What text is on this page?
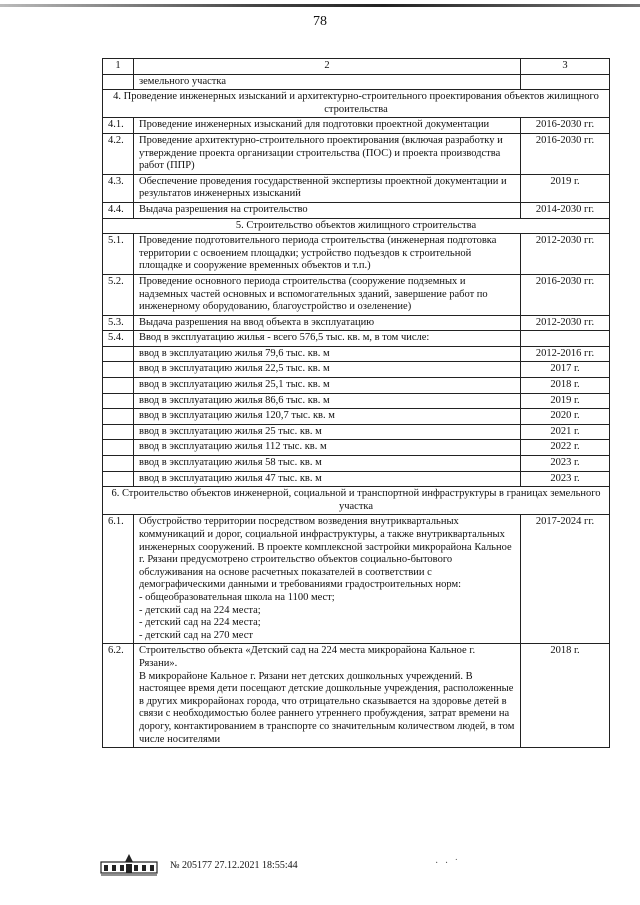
78
1	2	3
	земельного участка	
4. Проведение инженерных изысканий и архитектурно-строительного проектирования объектов жилищного строительства		
4.1.	Проведение инженерных изысканий для подготовки проектной документации	2016-2030 гг.
4.2.	Проведение архитектурно-строительного проектирования (включая разработку и утверждение проекта организации строительства (ПОС) и проекта производства работ (ППР)	2016-2030 гг.
4.3.	Обеспечение проведения государственной экспертизы проектной документации и результатов инженерных изысканий	2019 г.
4.4.	Выдача разрешения на строительство	2014-2030 гг.
5. Строительство объектов жилищного строительства		
5.1.	Проведение подготовительного периода строительства (инженерная подготовка территории с освоением площадки; устройство подъездов к строительной площадке и сооружение временных объектов и т.п.)	2012-2030 гг.
5.2.	Проведение основного периода строительства (сооружение подземных и надземных частей основных и вспомогательных зданий, завершение работ по инженерному оборудованию, благоустройство и озеленение)	2016-2030 гг.
5.3.	Выдача разрешения на ввод объекта в эксплуатацию	2012-2030 гг.
5.4.	Ввод в эксплуатацию жилья - всего 576,5 тыс. кв. м, в том числе:	
	ввод в эксплуатацию жилья 79,6 тыс. кв. м	2012-2016 гг.
	ввод в эксплуатацию жилья 22,5 тыс. кв. м	2017 г.
	ввод в эксплуатацию жилья 25,1 тыс. кв. м	2018 г.
	ввод в эксплуатацию жилья 86,6 тыс. кв. м	2019 г.
	ввод в эксплуатацию жилья 120,7 тыс. кв. м	2020 г.
	ввод в эксплуатацию жилья 25 тыс. кв. м	2021 г.
	ввод в эксплуатацию жилья 112 тыс. кв. м	2022 г.
	ввод в эксплуатацию жилья 58 тыс. кв. м	2023 г.
	ввод в эксплуатацию жилья 47 тыс. кв. м	2023 г.
6. Строительство объектов инженерной, социальной и транспортной инфраструктуры в границах земельного участка		
6.1.	Обустройство территории посредством возведения внутриквартальных коммуникаций и дорог, социальной инфраструктуры, а также внутриквартальных инженерных сооружений. В проекте комплексной застройки микрорайона Кальное г. Рязани предусмотрено строительство объектов социально-бытового обслуживания на основе расчетных показателей в соответствии с демографическими данными и требованиями градостроительных норм:
- общеобразовательная школа на 1100 мест;
- детский сад на 224 места;
- детский сад на 224 места;
- детский сад на 270 мест	2017-2024 гг.
6.2.	Строительство объекта «Детский сад на 224 места микрорайона Кальное г. Рязани».
В микрорайоне Кальное г. Рязани нет детских дошкольных учреждений. В настоящее время дети посещают детские дошкольные учреждения, расположенные в других микрорайонах города, что отрицательно сказывается на здоровье детей в связи с необходимостью более раннего утреннего пробуждения, затрат времени на дорогу, контактированием в транспорте со значительным количеством людей, в том числе носителями	2018 г.
№ 205177 27.12.2021 18:55:44	· · ˙
